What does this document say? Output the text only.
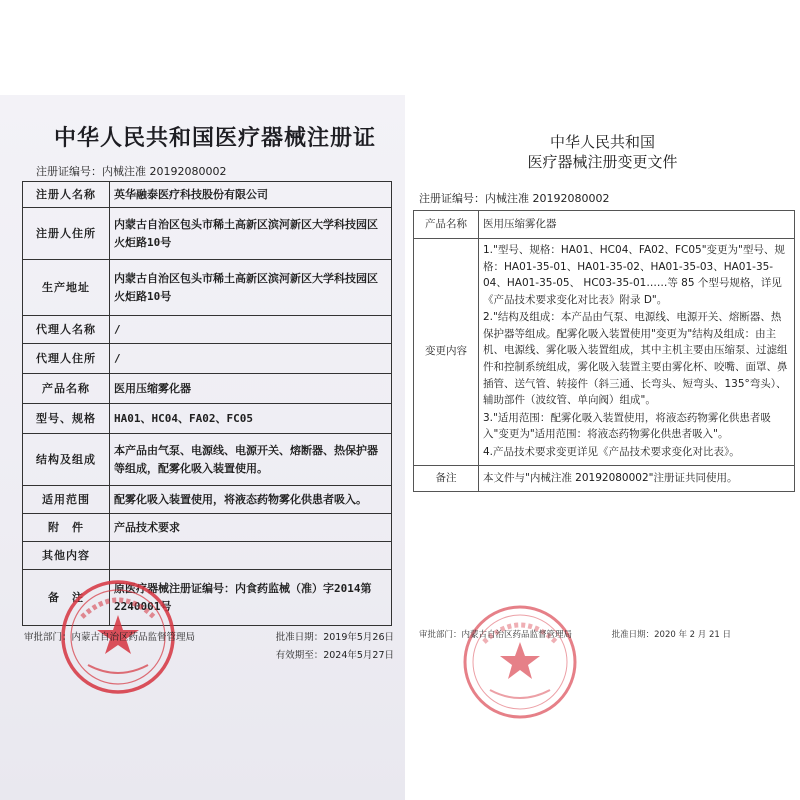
中华人民共和国医疗器械注册证
注册证编号：内械注准 20192080002
注册人名称	英华融泰医疗科技股份有限公司
注册人住所	内蒙古自治区包头市稀土高新区滨河新区大学科技园区火炬路10号
生产地址	内蒙古自治区包头市稀土高新区滨河新区大学科技园区火炬路10号
代理人名称	/
代理人住所	/
产品名称	医用压缩雾化器
型号、规格	HA01、HC04、FA02、FC05
结构及组成	本产品由气泵、电源线、电源开关、熔断器、热保护器等组成，配雾化吸入装置使用。
适用范围	配雾化吸入装置使用，将液态药物雾化供患者吸入。
附　件	产品技术要求
其他内容	
备　注	原医疗器械注册证编号：内食药监械（准）字2014第2240001号
审批部门：内蒙古自治区药品监督管理局	批准日期：2019年5月26日
有效期至：2024年5月27日
中华人民共和国
医疗器械注册变更文件
注册证编号：内械注准 20192080002
产品名称	医用压缩雾化器
变更内容	1."型号、规格：HA01、HC04、FA02、FC05"变更为"型号、规格：HA01-35-01、HA01-35-02、HA01-35-03、HA01-35-04、HA01-35-05、 HC03-35-01……等 85 个型号规格，详见《产品技术要求变化对比表》附录 D"。

2."结构及组成：本产品由气泵、电源线、电源开关、熔断器、热保护器等组成。配雾化吸入装置使用"变更为"结构及组成：由主机、电源线、雾化吸入装置组成，其中主机主要由压缩泵、过滤组件和控制系统组成，雾化吸入装置主要由雾化杯、咬嘴、面罩、鼻插管、送气管、转接件（斜三通、长弯头、短弯头、135°弯头）、辅助部件（波纹管、单向阀）组成"。

3."适用范围：配雾化吸入装置使用，将液态药物雾化供患者吸入"变更为"适用范围：将液态药物雾化供患者吸入"。

4.产品技术要求变更详见《产品技术要求变化对比表》。

备注	本文件与"内械注准 20192080002"注册证共同使用。
审批部门：内蒙古自治区药品监督管理局	批准日期：2020 年 2 月 21 日
